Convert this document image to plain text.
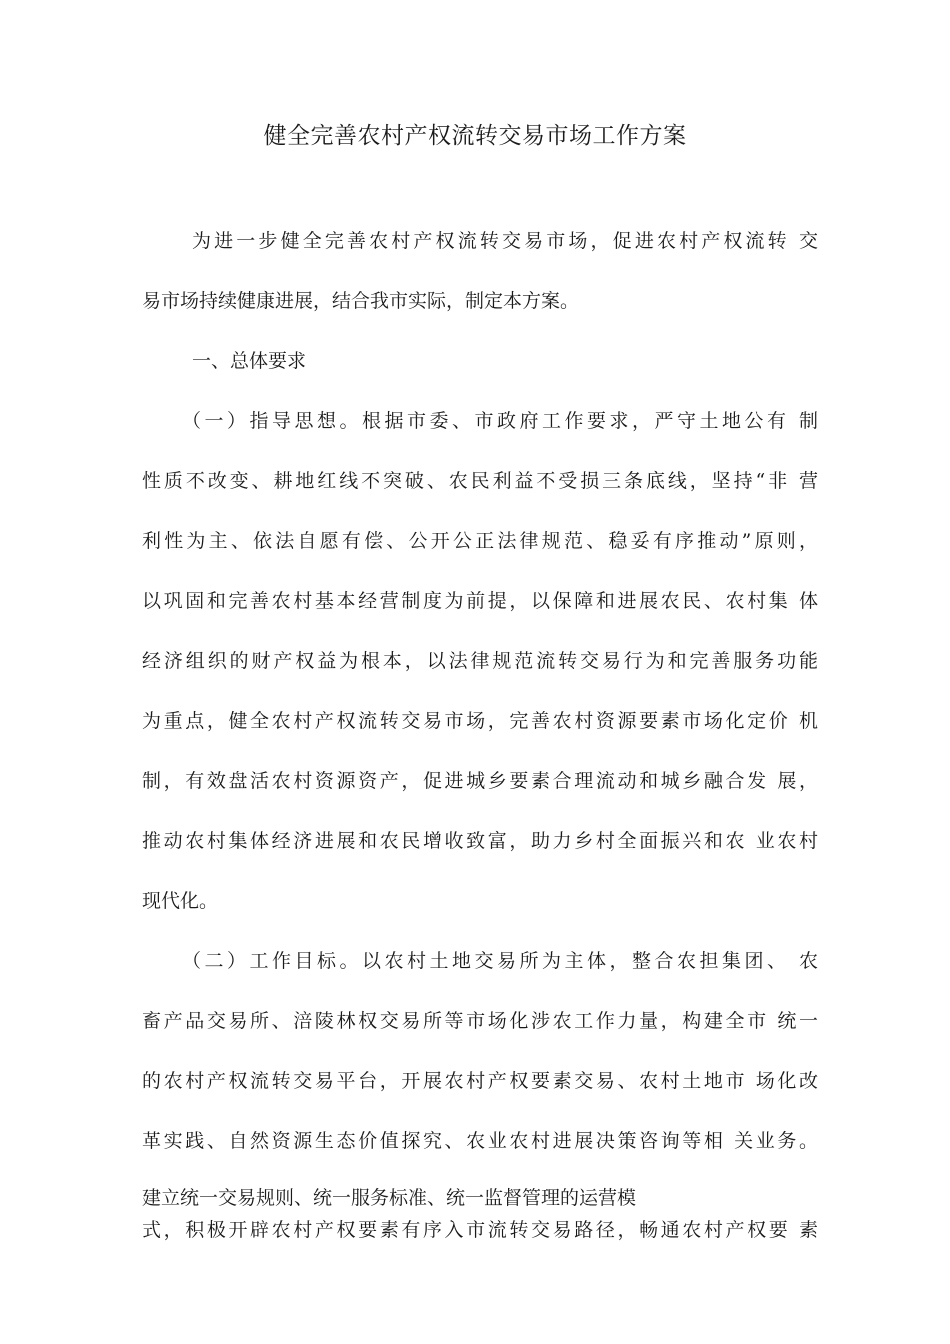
健全完善农村产权流转交易市场工作方案

为进一步健全完善农村产权流转交易市场，促进农村产权流转 交

易市场持续健康进展，结合我市实际，制定本方案。

一、总体要求

（一）指导思想。根据市委、市政府工作要求，严守土地公有 制

性质不改变、耕地红线不突破、农民利益不受损三条底线，坚持“非 营

利性为主、依法自愿有偿、公开公正法律规范、稳妥有序推动”原则，

以巩固和完善农村基本经营制度为前提，以保障和进展农民、农村集 体

经济组织的财产权益为根本，以法律规范流转交易行为和完善服务功能

为重点，健全农村产权流转交易市场，完善农村资源要素市场化定价 机

制，有效盘活农村资源资产，促进城乡要素合理流动和城乡融合发 展，

推动农村集体经济进展和农民增收致富，助力乡村全面振兴和农 业农村

现代化。

（二）工作目标。以农村土地交易所为主体，整合农担集团、 农

畜产品交易所、涪陵林权交易所等市场化涉农工作力量，构建全市 统一

的农村产权流转交易平台，开展农村产权要素交易、农村土地市 场化改

革实践、自然资源生态价值探究、农业农村进展决策咨询等相 关业务。

建立统一交易规则、统一服务标准、统一监督管理的运营模

式，积极开辟农村产权要素有序入市流转交易路径，畅通农村产权要 素
